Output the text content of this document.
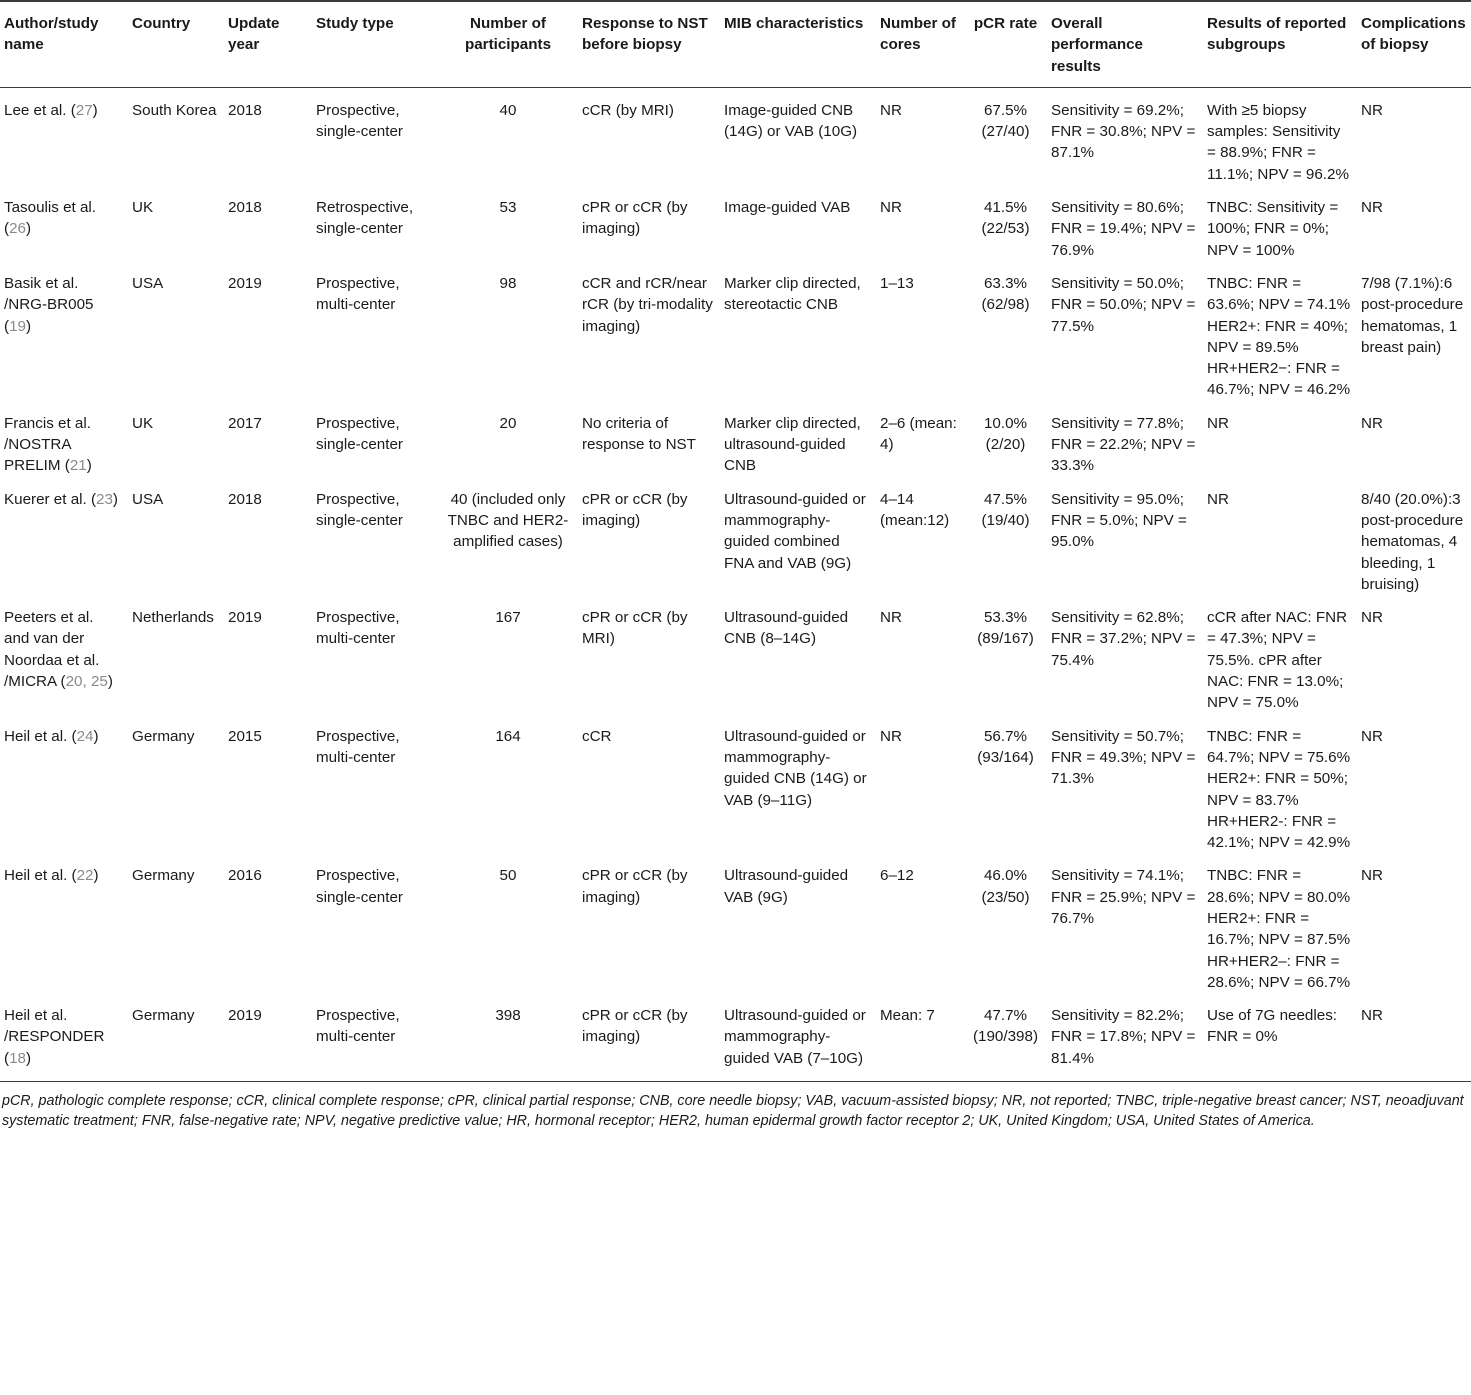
Author/study name	Country	Update year	Study type	Number of participants	Response to NST before biopsy	MIB characteristics	Number of cores	pCR rate	Overall performance results	Results of reported subgroups	Complications of biopsy
Lee et al. (27)	South Korea	2018	Prospective, single-center	40	cCR (by MRI)	Image-guided CNB (14G) or VAB (10G)	NR	67.5% (27/40)	Sensitivity = 69.2%; FNR = 30.8%; NPV = 87.1%	With ≥5 biopsy samples: Sensitivity = 88.9%; FNR = 11.1%; NPV = 96.2%	NR
Tasoulis et al. (26)	UK	2018	Retrospective, single-center	53	cPR or cCR (by imaging)	Image-guided VAB	NR	41.5% (22/53)	Sensitivity = 80.6%; FNR = 19.4%; NPV = 76.9%	TNBC: Sensitivity = 100%; FNR = 0%; NPV = 100%	NR
Basik et al. /NRG-BR005 (19)	USA	2019	Prospective, multi-center	98	cCR and rCR/near rCR (by tri-modality imaging)	Marker clip directed, stereotactic CNB	1–13	63.3% (62/98)	Sensitivity = 50.0%; FNR = 50.0%; NPV = 77.5%	TNBC: FNR = 63.6%; NPV = 74.1% HER2+: FNR = 40%; NPV = 89.5% HR+HER2−: FNR = 46.7%; NPV = 46.2%	7/98 (7.1%):6 post-procedure hematomas, 1 breast pain)
Francis et al. /NOSTRA PRELIM (21)	UK	2017	Prospective, single-center	20	No criteria of response to NST	Marker clip directed, ultrasound-guided CNB	2–6 (mean: 4)	10.0% (2/20)	Sensitivity = 77.8%; FNR = 22.2%; NPV = 33.3%	NR	NR
Kuerer et al. (23)	USA	2018	Prospective, single-center	40 (included only TNBC and HER2-amplified cases)	cPR or cCR (by imaging)	Ultrasound-guided or mammography-guided combined FNA and VAB (9G)	4–14 (mean:12)	47.5% (19/40)	Sensitivity = 95.0%; FNR = 5.0%; NPV = 95.0%	NR	8/40 (20.0%):3 post-procedure hematomas, 4 bleeding, 1 bruising)
Peeters et al. and van der Noordaa et al. /MICRA (20, 25)	Netherlands	2019	Prospective, multi-center	167	cPR or cCR (by MRI)	Ultrasound-guided CNB (8–14G)	NR	53.3% (89/167)	Sensitivity = 62.8%; FNR = 37.2%; NPV = 75.4%	cCR after NAC: FNR = 47.3%; NPV = 75.5%. cPR after NAC: FNR = 13.0%; NPV = 75.0%	NR
Heil et al. (24)	Germany	2015	Prospective, multi-center	164	cCR	Ultrasound-guided or mammography-guided CNB (14G) or VAB (9–11G)	NR	56.7% (93/164)	Sensitivity = 50.7%; FNR = 49.3%; NPV = 71.3%	TNBC: FNR = 64.7%; NPV = 75.6% HER2+: FNR = 50%; NPV = 83.7% HR+HER2-: FNR = 42.1%; NPV = 42.9%	NR
Heil et al. (22)	Germany	2016	Prospective, single-center	50	cPR or cCR (by imaging)	Ultrasound-guided VAB (9G)	6–12	46.0% (23/50)	Sensitivity = 74.1%; FNR = 25.9%; NPV = 76.7%	TNBC: FNR = 28.6%; NPV = 80.0% HER2+: FNR = 16.7%; NPV = 87.5% HR+HER2–: FNR = 28.6%; NPV = 66.7%	NR
Heil et al. /RESPONDER (18)	Germany	2019	Prospective, multi-center	398	cPR or cCR (by imaging)	Ultrasound-guided or mammography-guided VAB (7–10G)	Mean: 7	47.7% (190/398)	Sensitivity = 82.2%; FNR = 17.8%; NPV = 81.4%	Use of 7G needles: FNR = 0%	NR
pCR, pathologic complete response; cCR, clinical complete response; cPR, clinical partial response; CNB, core needle biopsy; VAB, vacuum-assisted biopsy; NR, not reported; TNBC, triple-negative breast cancer; NST, neoadjuvant systematic treatment; FNR, false-negative rate; NPV, negative predictive value; HR, hormonal receptor; HER2, human epidermal growth factor receptor 2; UK, United Kingdom; USA, United States of America.
